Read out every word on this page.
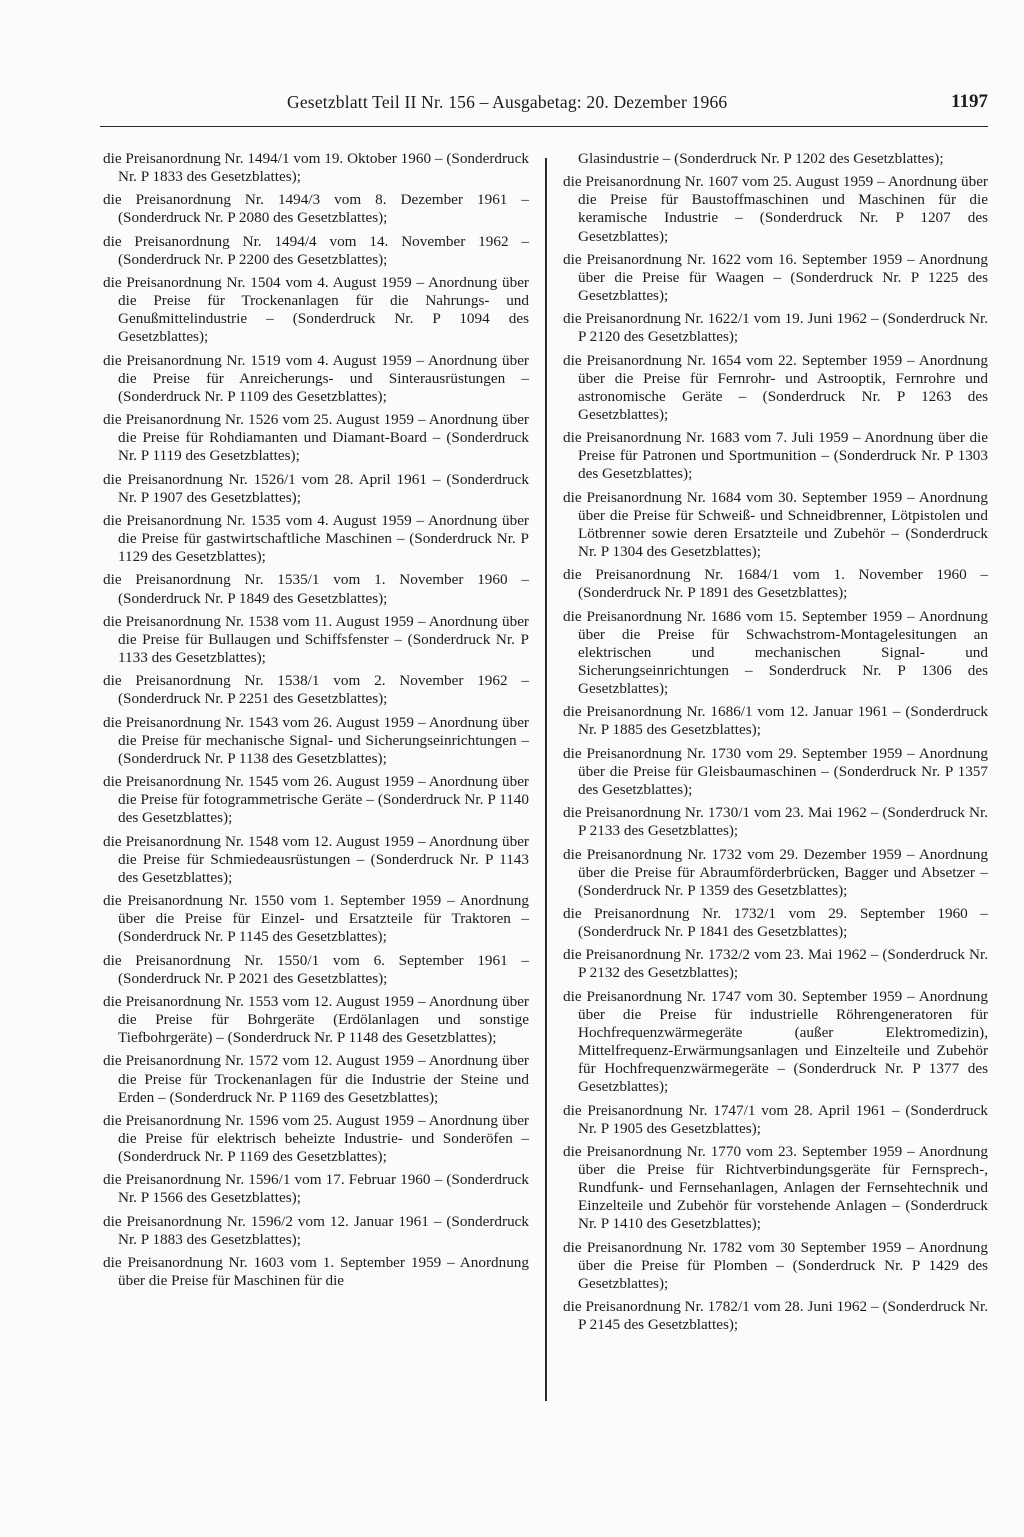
Gesetzblatt Teil II Nr. 156 – Ausgabetag: 20. Dezember 1966	1197

die Preisanordnung Nr. 1494/1 vom 19. Oktober 1960 – (Sonderdruck Nr. P 1833 des Gesetzblattes);

die Preisanordnung Nr. 1494/3 vom 8. Dezember 1961 – (Sonderdruck Nr. P 2080 des Gesetzblattes);

die Preisanordnung Nr. 1494/4 vom 14. November 1962 – (Sonderdruck Nr. P 2200 des Gesetzblattes);

die Preisanordnung Nr. 1504 vom 4. August 1959 – Anordnung über die Preise für Trockenanlagen für die Nahrungs- und Genußmittelindustrie – (Sonderdruck Nr. P 1094 des Gesetzblattes);

die Preisanordnung Nr. 1519 vom 4. August 1959 – Anordnung über die Preise für Anreicherungs- und Sinterausrüstungen – (Sonderdruck Nr. P 1109 des Gesetzblattes);

die Preisanordnung Nr. 1526 vom 25. August 1959 – Anordnung über die Preise für Rohdiamanten und Diamant-Board – (Sonderdruck Nr. P 1119 des Gesetzblattes);

die Preisanordnung Nr. 1526/1 vom 28. April 1961 – (Sonderdruck Nr. P 1907 des Gesetzblattes);

die Preisanordnung Nr. 1535 vom 4. August 1959 – Anordnung über die Preise für gastwirtschaftliche Maschinen – (Sonderdruck Nr. P 1129 des Gesetzblattes);

die Preisanordnung Nr. 1535/1 vom 1. November 1960 – (Sonderdruck Nr. P 1849 des Gesetzblattes);

die Preisanordnung Nr. 1538 vom 11. August 1959 – Anordnung über die Preise für Bullaugen und Schiffsfenster – (Sonderdruck Nr. P 1133 des Gesetzblattes);

die Preisanordnung Nr. 1538/1 vom 2. November 1962 – (Sonderdruck Nr. P 2251 des Gesetzblattes);

die Preisanordnung Nr. 1543 vom 26. August 1959 – Anordnung über die Preise für mechanische Signal- und Sicherungseinrichtungen – (Sonderdruck Nr. P 1138 des Gesetzblattes);

die Preisanordnung Nr. 1545 vom 26. August 1959 – Anordnung über die Preise für fotogrammetrische Geräte – (Sonderdruck Nr. P 1140 des Gesetzblattes);

die Preisanordnung Nr. 1548 vom 12. August 1959 – Anordnung über die Preise für Schmiedeausrüstungen – (Sonderdruck Nr. P 1143 des Gesetzblattes);

die Preisanordnung Nr. 1550 vom 1. September 1959 – Anordnung über die Preise für Einzel- und Ersatzteile für Traktoren – (Sonderdruck Nr. P 1145 des Gesetzblattes);

die Preisanordnung Nr. 1550/1 vom 6. September 1961 – (Sonderdruck Nr. P 2021 des Gesetzblattes);

die Preisanordnung Nr. 1553 vom 12. August 1959 – Anordnung über die Preise für Bohrgeräte (Erdölanlagen und sonstige Tiefbohrgeräte) – (Sonderdruck Nr. P 1148 des Gesetzblattes);

die Preisanordnung Nr. 1572 vom 12. August 1959 – Anordnung über die Preise für Trockenanlagen für die Industrie der Steine und Erden – (Sonderdruck Nr. P 1169 des Gesetzblattes);

die Preisanordnung Nr. 1596 vom 25. August 1959 – Anordnung über die Preise für elektrisch beheizte Industrie- und Sonderöfen – (Sonderdruck Nr. P 1169 des Gesetzblattes);

die Preisanordnung Nr. 1596/1 vom 17. Februar 1960 – (Sonderdruck Nr. P 1566 des Gesetzblattes);

die Preisanordnung Nr. 1596/2 vom 12. Januar 1961 – (Sonderdruck Nr. P 1883 des Gesetzblattes);

die Preisanordnung Nr. 1603 vom 1. September 1959 – Anordnung über die Preise für Maschinen für die

Glasindustrie – (Sonderdruck Nr. P 1202 des Gesetzblattes);

die Preisanordnung Nr. 1607 vom 25. August 1959 – Anordnung über die Preise für Baustoffmaschinen und Maschinen für die keramische Industrie – (Sonderdruck Nr. P 1207 des Gesetzblattes);

die Preisanordnung Nr. 1622 vom 16. September 1959 – Anordnung über die Preise für Waagen – (Sonderdruck Nr. P 1225 des Gesetzblattes);

die Preisanordnung Nr. 1622/1 vom 19. Juni 1962 – (Sonderdruck Nr. P 2120 des Gesetzblattes);

die Preisanordnung Nr. 1654 vom 22. September 1959 – Anordnung über die Preise für Fernrohr- und Astrooptik, Fernrohre und astronomische Geräte – (Sonderdruck Nr. P 1263 des Gesetzblattes);

die Preisanordnung Nr. 1683 vom 7. Juli 1959 – Anordnung über die Preise für Patronen und Sportmunition – (Sonderdruck Nr. P 1303 des Gesetzblattes);

die Preisanordnung Nr. 1684 vom 30. September 1959 – Anordnung über die Preise für Schweiß- und Schneidbrenner, Lötpistolen und Lötbrenner sowie deren Ersatzteile und Zubehör – (Sonderdruck Nr. P 1304 des Gesetzblattes);

die Preisanordnung Nr. 1684/1 vom 1. November 1960 – (Sonderdruck Nr. P 1891 des Gesetzblattes);

die Preisanordnung Nr. 1686 vom 15. September 1959 – Anordnung über die Preise für Schwachstrom-Montagelesitungen an elektrischen und mechanischen Signal- und Sicherungseinrichtungen – Sonderdruck Nr. P 1306 des Gesetzblattes);

die Preisanordnung Nr. 1686/1 vom 12. Januar 1961 – (Sonderdruck Nr. P 1885 des Gesetzblattes);

die Preisanordnung Nr. 1730 vom 29. September 1959 – Anordnung über die Preise für Gleisbaumaschinen – (Sonderdruck Nr. P 1357 des Gesetzblattes);

die Preisanordnung Nr. 1730/1 vom 23. Mai 1962 – (Sonderdruck Nr. P 2133 des Gesetzblattes);

die Preisanordnung Nr. 1732 vom 29. Dezember 1959 – Anordnung über die Preise für Abraumförderbrücken, Bagger und Absetzer – (Sonderdruck Nr. P 1359 des Gesetzblattes);

die Preisanordnung Nr. 1732/1 vom 29. September 1960 – (Sonderdruck Nr. P 1841 des Gesetzblattes);

die Preisanordnung Nr. 1732/2 vom 23. Mai 1962 – (Sonderdruck Nr. P 2132 des Gesetzblattes);

die Preisanordnung Nr. 1747 vom 30. September 1959 – Anordnung über die Preise für industrielle Röhrengeneratoren für Hochfrequenzwärmegeräte (außer Elektromedizin), Mittelfrequenz-Erwärmungsanlagen und Einzelteile und Zubehör für Hochfrequenzwärmegeräte – (Sonderdruck Nr. P 1377 des Gesetzblattes);

die Preisanordnung Nr. 1747/1 vom 28. April 1961 – (Sonderdruck Nr. P 1905 des Gesetzblattes);

die Preisanordnung Nr. 1770 vom 23. September 1959 – Anordnung über die Preise für Richtverbindungsgeräte für Fernsprech-, Rundfunk- und Fernsehanlagen, Anlagen der Fernsehtechnik und Einzelteile und Zubehör für vorstehende Anlagen – (Sonderdruck Nr. P 1410 des Gesetzblattes);

die Preisanordnung Nr. 1782 vom 30 September 1959 – Anordnung über die Preise für Plomben – (Sonderdruck Nr. P 1429 des Gesetzblattes);

die Preisanordnung Nr. 1782/1 vom 28. Juni 1962 – (Sonderdruck Nr. P 2145 des Gesetzblattes);
